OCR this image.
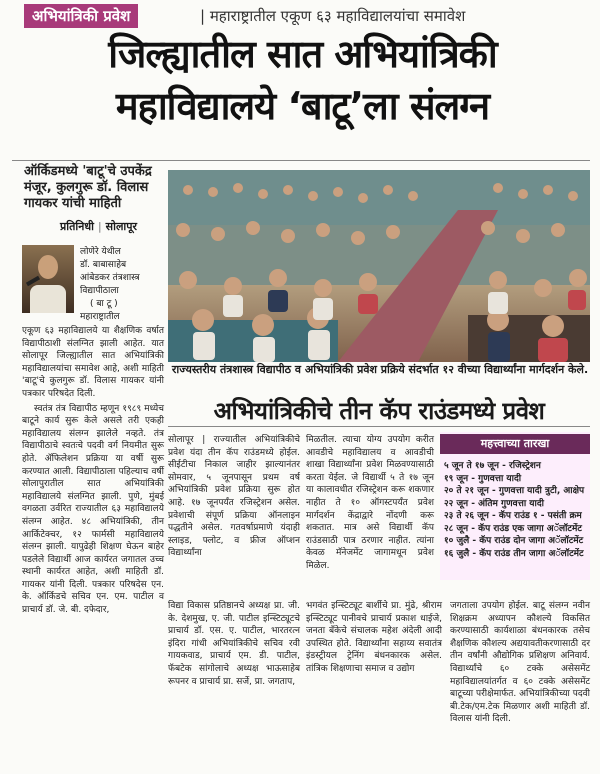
अभियांत्रिकी प्रवेश	| महाराष्ट्रातील एकूण ६३ महाविद्यालयांचा समावेश
जिल्ह्यातील सात अभियांत्रिकी
महाविद्यालये ‘बाटू’ला संलग्न
ऑर्किडमध्ये 'बाटू'चे उपकेंद्र मंजूर, कुलगुरू डॉ. विलास गायकर यांची माहिती
प्रतिनिधी | सोलापूर
लोणेरे येथील
डॉ. बाबासाहेब
आंबेडकर तंत्रशास्त्र
विद्यापीठाला
( बा टू )
महाराष्ट्रातील

एकूण ६३ महाविद्यालये या शैक्षणिक वर्षात विद्यापीठाशी संलग्नित झाली आहेत. यात सोलापूर जिल्ह्यातील सात अभियांत्रिकी महाविद्यालयांचा समावेश आहे, अशी माहिती 'बाटू'चे कुलगुरू डॉ. विलास गायकर यांनी पत्रकार परिषदेत दिली.

स्वतंत्र तंत्र विद्यापीठ म्हणून १९८९ मध्येच बाटूने कार्य सुरू केले असले तरी एकही महाविद्यालय संलग्न झालेले नव्हते. तंत्र विद्यापीठाचे स्वतःचे पदवी वर्ग नियमीत सुरू होते. ॲफिलेशन प्रक्रिया या वर्षी सुरू करण्यात आली. विद्यापीठाला पहिल्याच वर्षी सोलापुरातील सात अभियांत्रिकी महाविद्यालये संलग्नित झाली. पुणे, मुंबई वगळता उर्वरित राज्यातील ६३ महाविद्यालये संलग्न आहेत. ४८ अभियांत्रिकी, तीन आर्किटेक्चर, १२ फार्मसी महाविद्यालये संलग्न झाली. यापुढेही शिक्षण घेऊन बाहेर पडलेले विद्यार्थी आज कार्यरत जगातल उच्च स्थानी कार्यरत आहेत, अशी माहिती डॉ. गायकर यांनी दिली. पत्रकार परिषदेस एन. के. ऑर्किडचे सचिव एन. एम. पाटील व प्राचार्य डॉ. जे. बी. दफेदार,

राज्यस्तरीय तंत्रशास्त्र विद्यापीठ व अभियांत्रिकी प्रवेश प्रक्रिये संदर्भात १२ वीच्या विद्यार्थ्यांना मार्गदर्शन केले.
अभियांत्रिकीचे तीन कॅप राउंडमध्ये प्रवेश

सोलापूर | राज्यातील अभियांत्रिकीचे प्रवेश यंदा तीन कॅप राउंडमध्ये होईल. सीईटीचा निकाल जाहीर झाल्यानंतर सोमवार, ५ जूनपासून प्रथम वर्ष अभियांत्रिकी प्रवेश प्रक्रिया सुरू होत आहे. १७ जूनपर्यंत रजिस्ट्रेशन असेल. प्रवेशाची संपूर्ण प्रक्रिया ऑनलाइन पद्धतीने असेल. गतवर्षाप्रमाणे यंदाही स्लाइड, फ्लोट, व फ्रीज ऑप्शन विद्यार्थ्यांना

मिळतील. त्याचा योग्य उपयोग करीत आवडीचे महाविद्यालय व आवडीची शाखा विद्यार्थ्यांना प्रवेश मिळवण्यासाठी करता येईल. जे विद्यार्थी ५ ते १७ जून या कालावधीत रजिस्ट्रेशन करू शकणार नाहीत ते १० ऑगस्टपर्यंत प्रवेश मार्गदर्शन केंद्राद्वारे नोंदणी करू शकतात. मात्र असे विद्यार्थी कॅप राउंडसाठी पात्र ठरणार नाहीत. त्यांना केवळ मॅनेजमेंट जागामधून प्रवेश मिळेल.

महत्त्वाच्या तारखा
५ जून ते १७ जून - रजिस्ट्रेशन
१९ जून - गुणवत्ता यादी
२० ते २१ जून - गुणवत्ता यादी त्रुटी, आक्षेप
२२ जून - अंतिम गुणवत्ता यादी
२३ ते २६ जून - कॅप राउंड १ - पसंती क्रम
२८ जून - कॅप राउंड एक जागा अॅलॉटमेंट
१० जुलै - कॅप राउंड दोन जागा अॅलॉटमेंट
१६ जुलै - कॅप राउंड तीन जागा अॅलॉटमेंट

विद्या विकास प्रतिष्ठानचे अध्यक्ष प्रा. जी. के. देशमुख, ए. जी. पाटील इन्स्टिट्यूटचे प्राचार्य डॉ. एस. ए. पाटील, भारतरत्न इंदिरा गांधी अभियांत्रिकीचे सचिव रवी गायकवाड, प्राचार्य एम. डी. पाटील, फॅबटेक सांगोलाचे अध्यक्ष भाऊसाहेब रूपनर व प्राचार्य प्रा. सर्जे, प्रा. जगताप,

भगवंत इन्स्टिट्यूट बार्शीचे प्रा. मुंढे, श्रीराम इन्स्टिट्यूट पानीवचे प्राचार्य प्रकाश धाईजे, जनता बँकेचे संचालक महेश अंदेली आदी उपस्थित होते. विद्यार्थ्यांना सहाय्य सवातंत्र इंडस्ट्रीयल ट्रेनिंग बंधनकारक असेल. तांत्रिक शिक्षणाचा समाज व उद्योग

जगताला उपयोग होईल. बाटू संलग्न नवीन शिक्षक्रम अध्यापन कौशल्ये विकसित करण्यासाठी कार्यशाळा बंधनकारक तसेच शैक्षणिक कौशल्य अद्ययावतीकरणासाठी दर तीन वर्षांनी औद्योगिक प्रशिक्षण अनिवार्य. विद्यार्थ्यांचे ६० टक्के असेसमेंट महाविद्यालयांतर्गत व ६० टक्के असेसमेंट बाटूच्या परीक्षेमार्फत. अभियांत्रिकीच्या पदवी बी.टेक/एम.टेक मिळणार अशी माहिती डॉ. विलास यांनी दिली.
